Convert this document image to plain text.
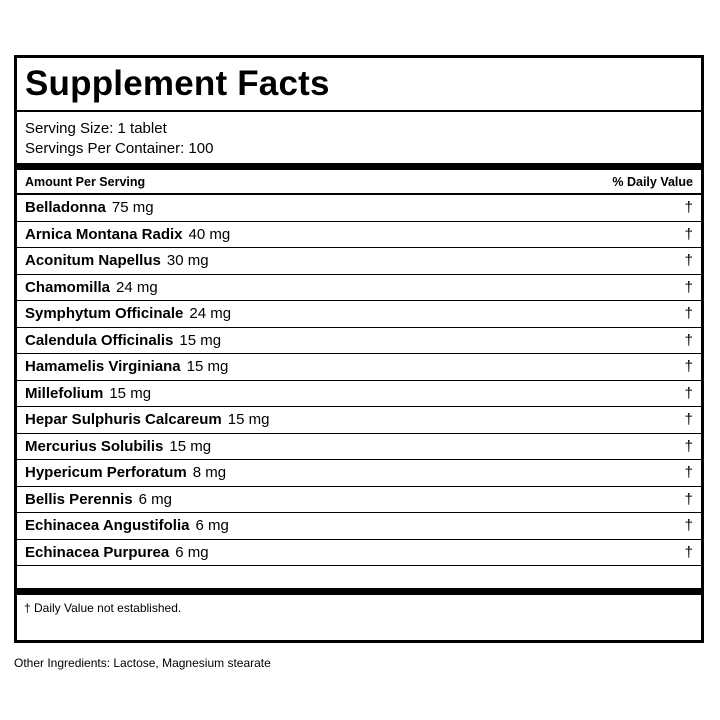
Supplement Facts
Serving Size: 1 tablet
Servings Per Container: 100
Amount Per Serving	% Daily Value
Belladonna 75 mg	†
Arnica Montana Radix 40 mg	†
Aconitum Napellus 30 mg	†
Chamomilla 24 mg	†
Symphytum Officinale 24 mg	†
Calendula Officinalis 15 mg	†
Hamamelis Virginiana 15 mg	†
Millefolium 15 mg	†
Hepar Sulphuris Calcareum 15 mg	†
Mercurius Solubilis 15 mg	†
Hypericum Perforatum 8 mg	†
Bellis Perennis 6 mg	†
Echinacea Angustifolia 6 mg	†
Echinacea Purpurea 6 mg	†
† Daily Value not established.
Other Ingredients: Lactose, Magnesium stearate
